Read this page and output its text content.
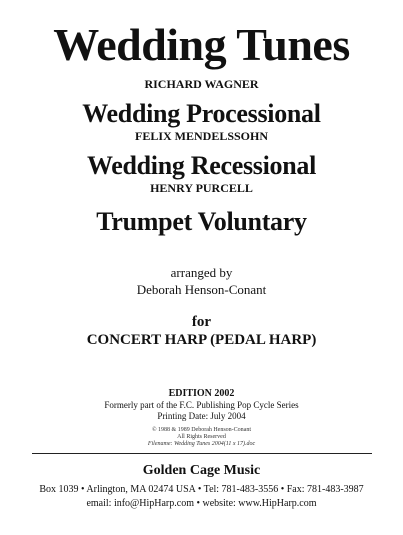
Wedding Tunes
RICHARD WAGNER
Wedding Processional
FELIX MENDELSSOHN
Wedding Recessional
HENRY PURCELL
Trumpet Voluntary
arranged by
Deborah Henson-Conant
for
CONCERT HARP (PEDAL HARP)
EDITION 2002
Formerly part of the F.C. Publishing Pop Cycle Series
Printing Date: July 2004
© 1988 & 1989 Deborah Henson-Conant
All Rights Reserved
Filename: Wedding Tunes 2004(11 x 17).doc
Golden Cage Music
Box 1039 • Arlington, MA 02474 USA • Tel: 781-483-3556 • Fax: 781-483-3987
email: info@HipHarp.com • website: www.HipHarp.com
